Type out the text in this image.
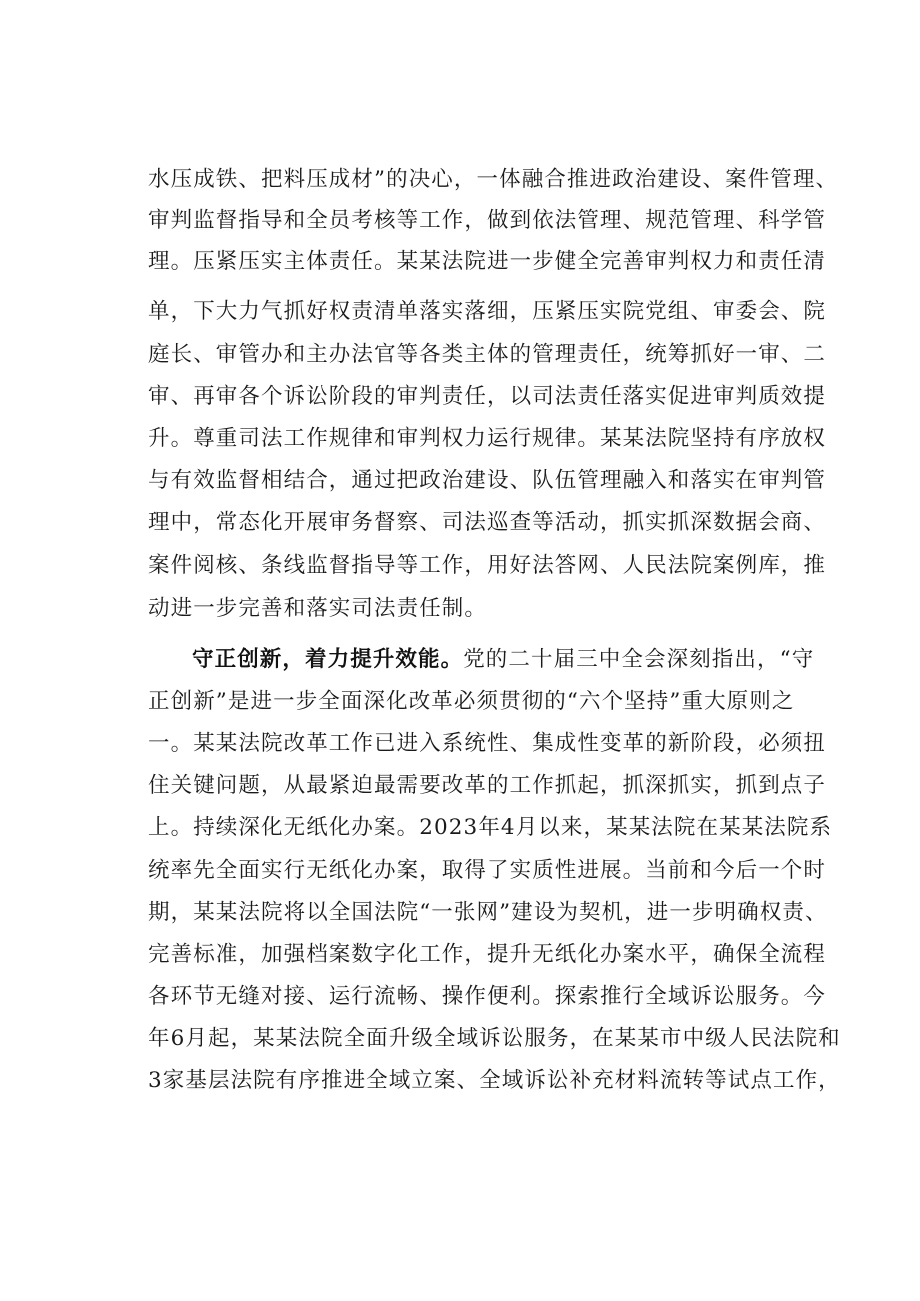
水压成铁、把料压成材”的决心，一体融合推进政治建设、案件管理、
审判监督指导和全员考核等工作，做到依法管理、规范管理、科学管
理。压紧压实主体责任。某某法院进一步健全完善审判权力和责任清
单，下大力气抓好权责清单落实落细，压紧压实院党组、审委会、院
庭长、审管办和主办法官等各类主体的管理责任，统筹抓好一审、二
审、再审各个诉讼阶段的审判责任，以司法责任落实促进审判质效提
升。尊重司法工作规律和审判权力运行规律。某某法院坚持有序放权
与有效监督相结合，通过把政治建设、队伍管理融入和落实在审判管
理中，常态化开展审务督察、司法巡查等活动，抓实抓深数据会商、
案件阅核、条线监督指导等工作，用好法答网、人民法院案例库，推
动进一步完善和落实司法责任制。
守正创新，着力提升效能。党的二十届三中全会深刻指出，“守
正创新”是进一步全面深化改革必须贯彻的“六个坚持”重大原则之
一。某某法院改革工作已进入系统性、集成性变革的新阶段，必须扭
住关键问题，从最紧迫最需要改革的工作抓起，抓深抓实，抓到点子
上。持续深化无纸化办案。2023年4月以来，某某法院在某某法院系
统率先全面实行无纸化办案，取得了实质性进展。当前和今后一个时
期，某某法院将以全国法院“一张网”建设为契机，进一步明确权责、
完善标准，加强档案数字化工作，提升无纸化办案水平，确保全流程
各环节无缝对接、运行流畅、操作便利。探索推行全域诉讼服务。今
年6月起，某某法院全面升级全域诉讼服务，在某某市中级人民法院和
3家基层法院有序推进全域立案、全域诉讼补充材料流转等试点工作，
